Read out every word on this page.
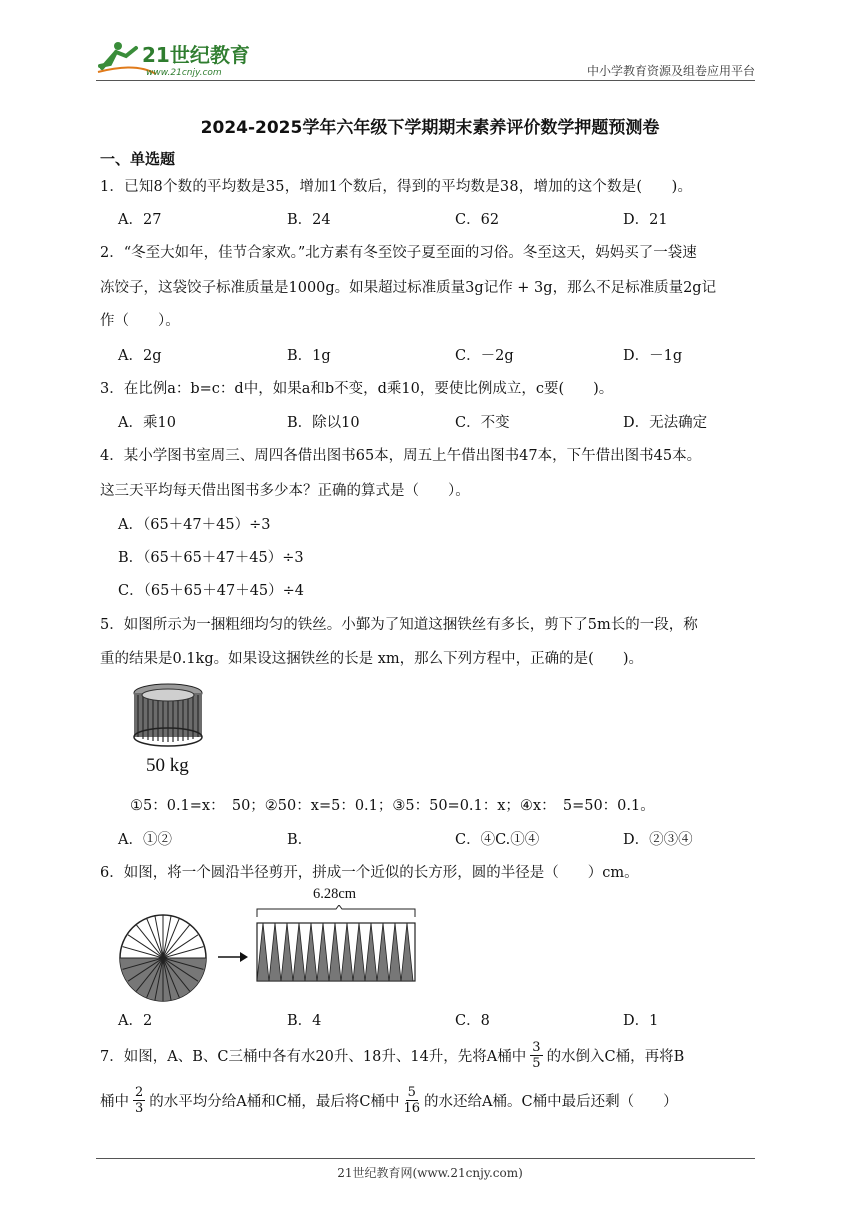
21世纪教育
www.21cnjy.com	中小学教育资源及组卷应用平台
2024-2025学年六年级下学期期末素养评价数学押题预测卷
一、单选题
1．已知8个数的平均数是35，增加1个数后，得到的平均数是38，增加的这个数是(　　)。
A．27	B．24	C．62	D．21
2．“冬至大如年，佳节合家欢。”北方素有冬至饺子夏至面的习俗。冬至这天，妈妈买了一袋速
冻饺子，这袋饺子标准质量是1000g。如果超过标准质量3g记作 + 3g，那么不足标准质量2g记
作（　　）。
A．2g	B．1g	C．－2g	D．－1g
3．在比例a：b=c：d中，如果a和b不变，d乘10，要使比例成立，c要(　　)。
A．乘10	B．除以10	C．不变	D．无法确定
4．某小学图书室周三、周四各借出图书65本，周五上午借出图书47本，下午借出图书45本。
这三天平均每天借出图书多少本？正确的算式是（　　）。
A．（65＋47＋45）÷3
B．（65＋65＋47＋45）÷3
C．（65＋65＋47＋45）÷4
5．如图所示为一捆粗细均匀的铁丝。小鄞为了知道这捆铁丝有多长，剪下了5m长的一段，称
重的结果是0.1kg。如果设这捆铁丝的长是 xm，那么下列方程中，正确的是(　　)。
50 kg
①5：0.1=x：　50；②50：x=5：0.1；③5：50=0.1：x；④x：　5=50：0.1。
A．①②	B．	C．④C.①④	D．②③④
6．如图，将一个圆沿半径剪开，拼成一个近似的长方形，圆的半径是（　　）cm。
6.28cm
A．2	B．4	C．8	D．1
7．如图，A、B、C三桶中各有水20升、18升、14升，先将A桶中 $\frac{3}{5}$ 的水倒入C桶，再将B
桶中 $\frac{2}{3}$ 的水平均分给A桶和C桶，最后将C桶中 $\frac{5}{16}$ 的水还给A桶。C桶中最后还剩（　　）
21世纪教育网(www.21cnjy.com)
